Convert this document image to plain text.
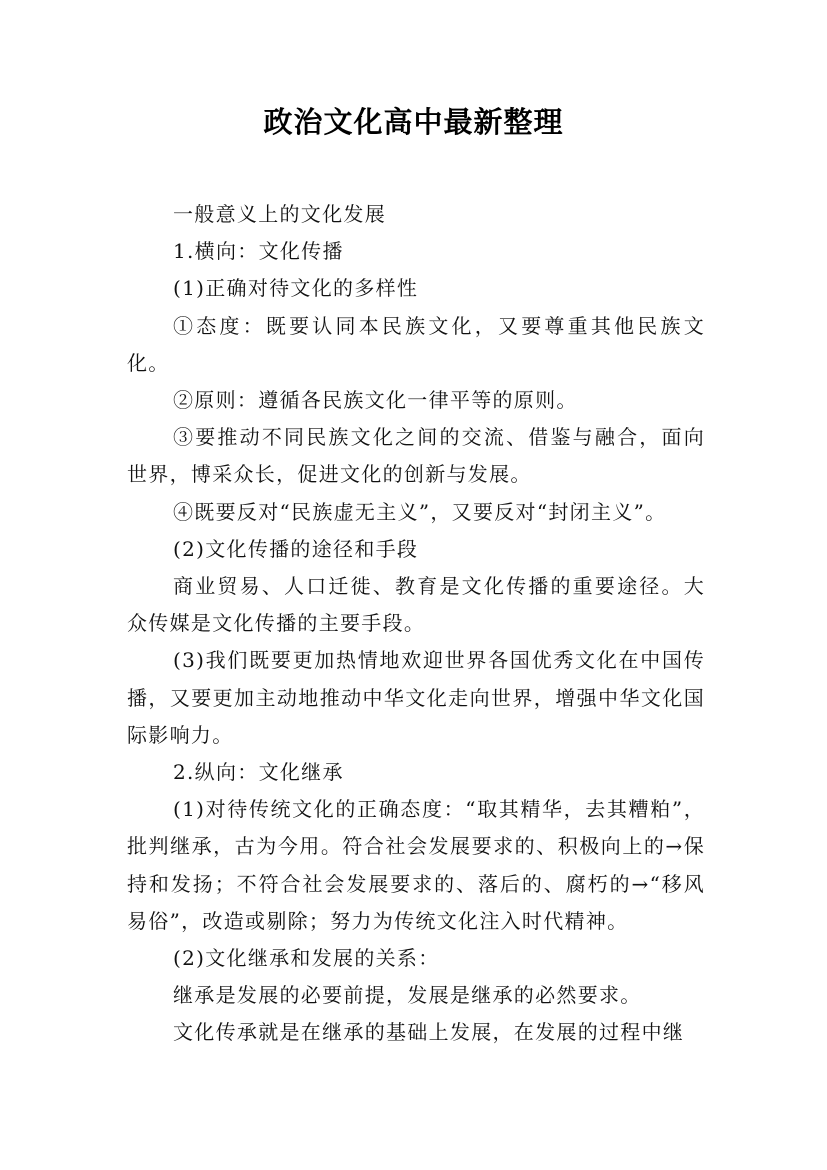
政治文化高中最新整理

一般意义上的文化发展

1.横向：文化传播

(1)正确对待文化的多样性

①态度：既要认同本民族文化，又要尊重其他民族文化。

②原则：遵循各民族文化一律平等的原则。

③要推动不同民族文化之间的交流、借鉴与融合，面向世界，博采众长，促进文化的创新与发展。

④既要反对“民族虚无主义”，又要反对“封闭主义”。

(2)文化传播的途径和手段

商业贸易、人口迁徙、教育是文化传播的重要途径。大众传媒是文化传播的主要手段。

(3)我们既要更加热情地欢迎世界各国优秀文化在中国传播，又要更加主动地推动中华文化走向世界，增强中华文化国际影响力。

2.纵向：文化继承

(1)对待传统文化的正确态度：“取其精华，去其糟粕”，批判继承，古为今用。符合社会发展要求的、积极向上的→保持和发扬；不符合社会发展要求的、落后的、腐朽的→“移风易俗”，改造或剔除；努力为传统文化注入时代精神。

(2)文化继承和发展的关系：

继承是发展的必要前提，发展是继承的必然要求。

文化传承就是在继承的基础上发展，在发展的过程中继
